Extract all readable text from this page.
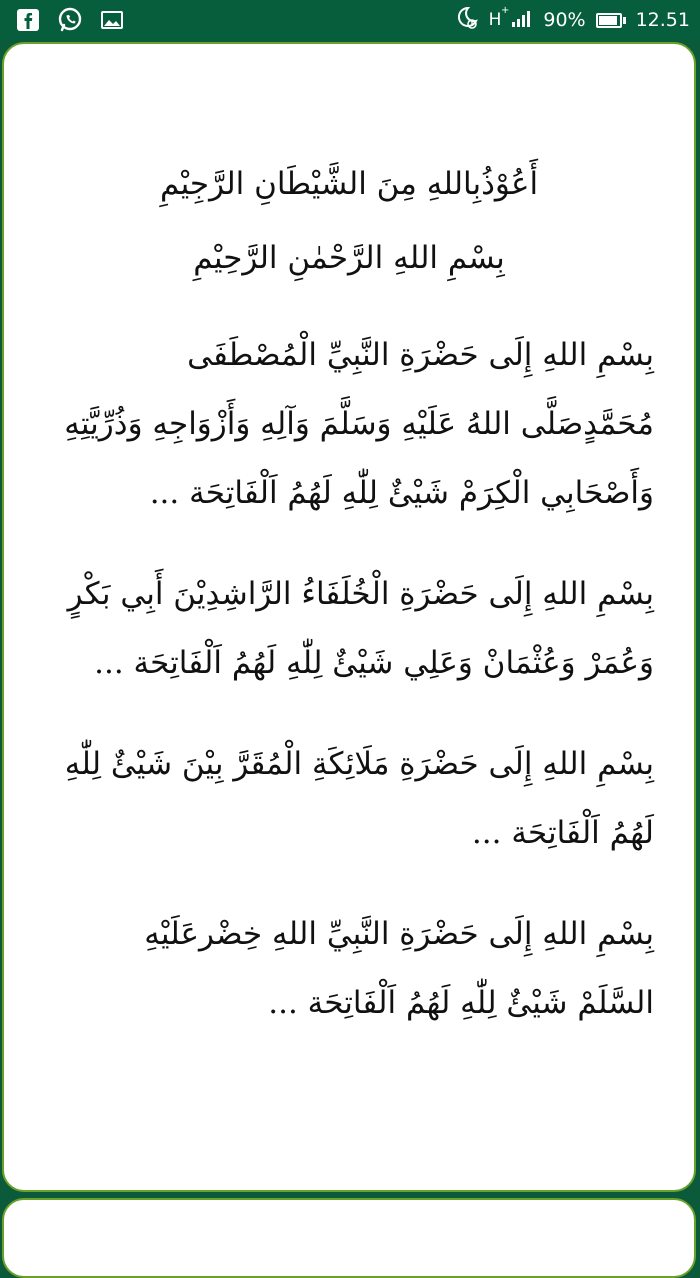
H + 90%	12.51
أَعُوْذُبِاللهِ مِنَ الشَّيْطَانِ الرَّجِيْمِ
بِسْمِ اللهِ الرَّحْمٰنِ الرَّحِيْمِ
بِسْمِ اللهِ إِلَى حَضْرَةِ النَّبِيِّ الْمُصْطَفَى مُحَمَّدٍصَلَّى اللهُ عَلَيْهِ وَسَلَّمَ وَآلِهِ وَأَزْوَاجِهِ وَذُرِّيَّتِهِ وَأَصْحَابِي الْكِرَمْ شَيْئٌ لِلّٰهِ لَهُمُ اَلْفَاتِحَة ...
بِسْمِ اللهِ إِلَى حَضْرَةِ الْخُلَفَاءُ الرَّاشِدِيْنَ أَبِي بَكْرٍ وَعُمَرْ وَعُثْمَانْ وَعَلِي شَيْئٌ لِلّٰهِ لَهُمُ اَلْفَاتِحَة ...
بِسْمِ اللهِ إِلَى حَضْرَةِ مَلَائِكَةِ الْمُقَرَّ بِيْنَ شَيْئٌ لِلّٰهِ لَهُمُ اَلْفَاتِحَة ...
بِسْمِ اللهِ إِلَى حَضْرَةِ النَّبِيِّ اللهِ خِضْرعَلَيْهِ السَّلَمْ شَيْئٌ لِلّٰهِ لَهُمُ اَلْفَاتِحَة ...
